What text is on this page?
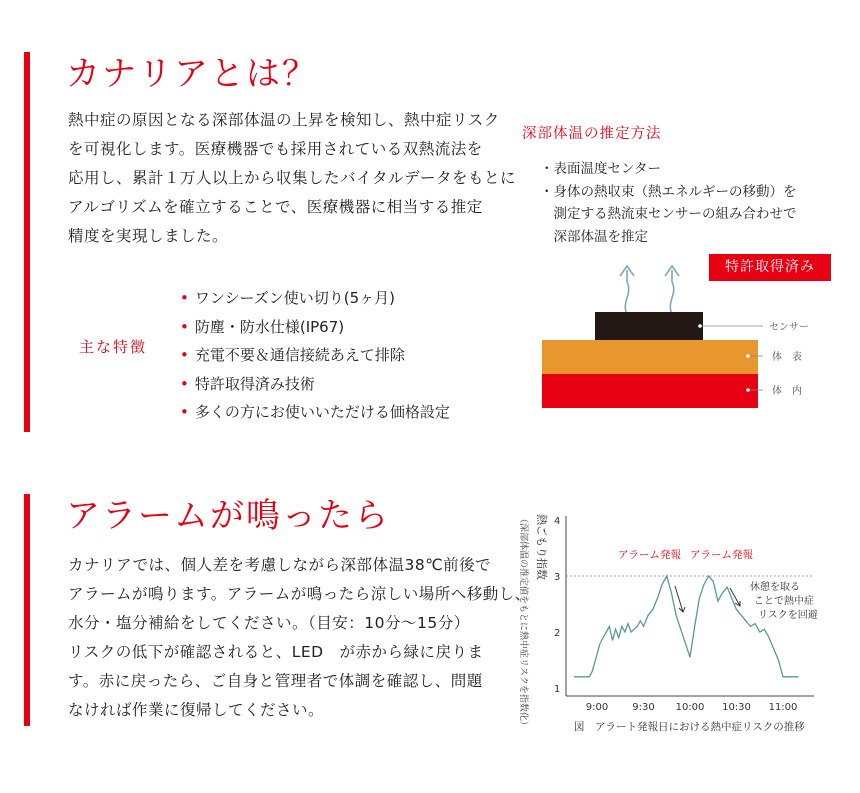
カナリアとは？
熱中症の原因となる深部体温の上昇を検知し、熱中症リスク
を可視化します。医療機器でも採用されている双熱流法を
応用し、累計１万人以上から収集したバイタルデータをもとに
アルゴリズムを確立することで、医療機器に相当する推定
精度を実現しました。
主な特徴
• ワンシーズン使い切り(5ヶ月)
• 防塵・防水仕様(IP67)
• 充電不要＆通信接続あえて排除
• 特許取得済み技術
• 多くの方にお使いいただける価格設定
深部体温の推定方法
・表面温度センター
・身体の熱収束（熱エネルギーの移動）を
　測定する熱流束センサーの組み合わせで
　深部体温を推定
特許取得済み
センサー
体　表
体　内
アラームが鳴ったら
カナリアでは、個人差を考慮しながら深部体温38℃前後で
アラームが鳴ります。アラームが鳴ったら涼しい場所へ移動し、
水分・塩分補給をしてください。（目安：10分〜15分）
リスクの低下が確認されると、LED　が赤から緑に戻りま
す。赤に戻ったら、ご自身と管理者で体調を確認し、問題
なければ作業に復帰してください。
熱ごもり指数
（深部体温の推定値をもとに熱中症リスクを指数化）	1
2
3
4
9:00 9:30 10:00 10:30 11:00
アラーム発報 アラーム発報
休憩を取る
ことで熱中症
リスクを回避
図　アラート発報日における熱中症リスクの推移
